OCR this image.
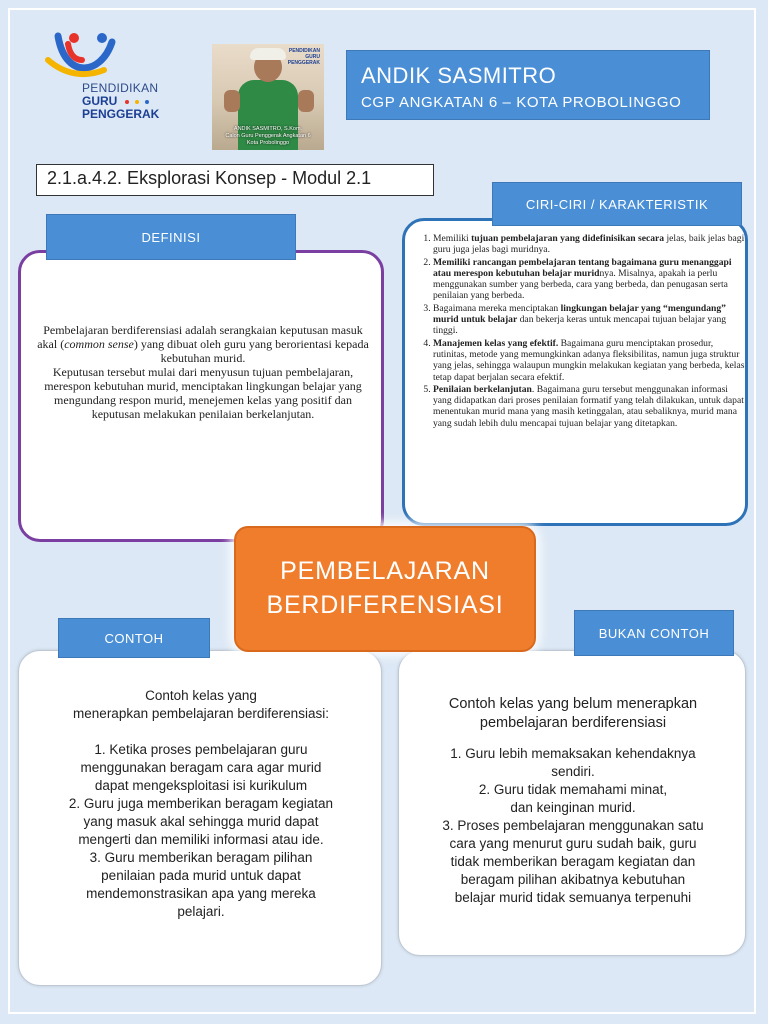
PENDIDIKAN
GURU
PENGGERAK
PENDIDIKAN
GURU
PENGGERAK
ANDIK SASMITRO, S.Kom.
Calon Guru Penggerak Angkatan 6
Kota Probolinggo
ANDIK SASMITRO
CGP ANGKATAN 6 – KOTA PROBOLINGGO
2.1.a.4.2. Eksplorasi Konsep - Modul 2.1
Pembelajaran berdiferensiasi adalah serangkaian keputusan masuk akal (common sense) yang dibuat oleh guru yang berorientasi kepada kebutuhan murid.
Keputusan tersebut mulai dari menyusun tujuan pembelajaran, merespon kebutuhan murid, menciptakan lingkungan belajar yang mengundang respon murid, menejemen kelas yang positif dan keputusan melakukan penilaian berkelanjutan.
DEFINISI
1.	Memiliki tujuan pembelajaran yang didefinisikan secara jelas, baik jelas bagi guru juga jelas bagi muridnya.
2. Memiliki rancangan pembelajaran tentang bagaimana guru menanggapi atau merespon kebutuhan belajar muridnya. Misalnya, apakah ia perlu menggunakan sumber yang berbeda, cara yang berbeda, dan penugasan serta penilaian yang berbeda.
3. Bagaimana mereka menciptakan lingkungan belajar yang “mengundang” murid untuk belajar dan bekerja keras untuk mencapai tujuan belajar yang tinggi.
4. Manajemen kelas yang efektif. Bagaimana guru menciptakan prosedur, rutinitas, metode yang memungkinkan adanya fleksibilitas, namun juga struktur yang jelas, sehingga walaupun mungkin melakukan kegiatan yang berbeda, kelas tetap dapat berjalan secara efektif.
5. Penilaian berkelanjutan. Bagaimana guru tersebut menggunakan informasi yang didapatkan dari proses penilaian formatif yang telah dilakukan, untuk dapat menentukan murid mana yang masih ketinggalan, atau sebaliknya, murid mana yang sudah lebih dulu mencapai tujuan belajar yang ditetapkan.
CIRI-CIRI / KARAKTERISTIK
Contoh kelas yang
menerapkan pembelajaran berdiferensiasi:
1. Ketika proses pembelajaran guru
menggunakan beragam cara agar murid
dapat mengeksploitasi isi kurikulum
2. Guru juga memberikan beragam kegiatan
yang masuk akal sehingga murid dapat
mengerti dan memiliki informasi atau ide.
3. Guru memberikan beragam pilihan
penilaian pada murid untuk dapat
mendemonstrasikan apa yang mereka
pelajari.
CONTOH
Contoh kelas yang belum menerapkan
pembelajaran berdiferensiasi
1. Guru lebih memaksakan kehendaknya
sendiri.
2. Guru tidak memahami minat,
dan keinginan murid.
3. Proses pembelajaran menggunakan satu
cara yang menurut guru sudah baik, guru
tidak memberikan beragam kegiatan dan
beragam pilihan akibatnya kebutuhan
belajar murid tidak semuanya terpenuhi
BUKAN CONTOH
PEMBELAJARAN
BERDIFERENSIASI
